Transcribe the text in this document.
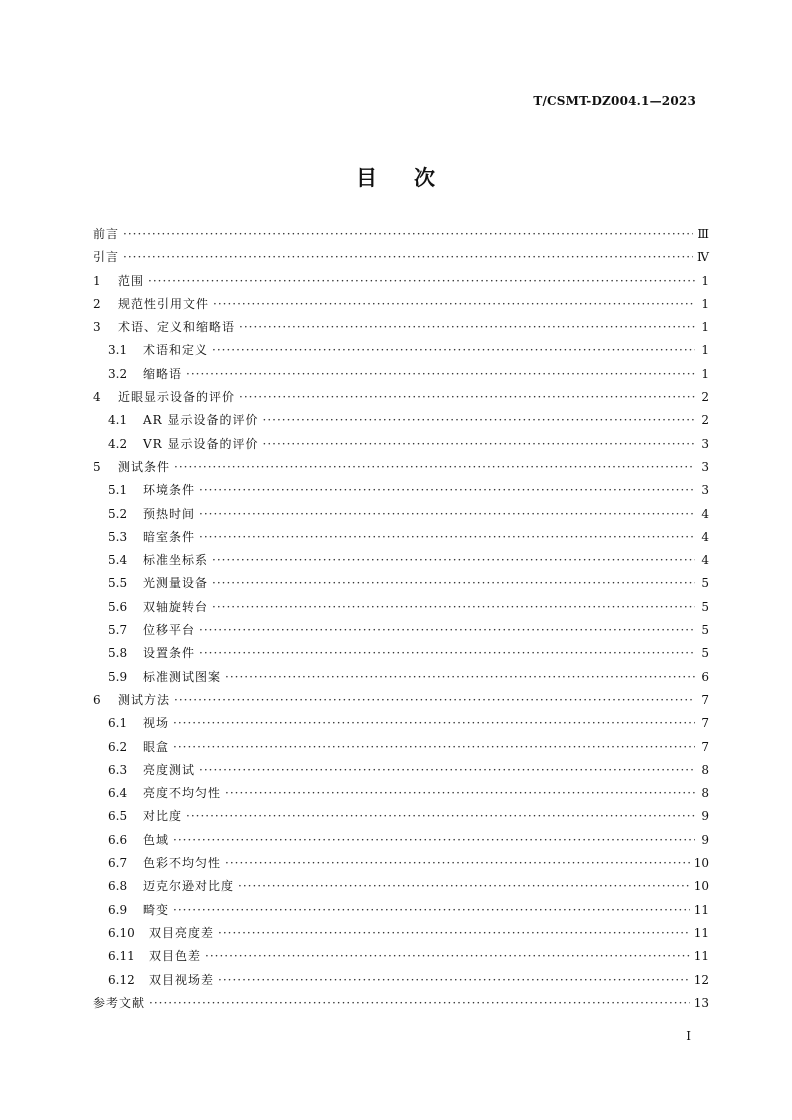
T/CSMT-DZ004.1—2023
目 次
前言 ·····	Ⅲ
引言 ·····	Ⅳ
1	范围 ·····	1
2	规范性引用文件 ·····	1
3	术语、定义和缩略语 ·····	1
3.1	术语和定义 ·····	1
3.2	缩略语 ·····	1
4	近眼显示设备的评价 ·····	2
4.1	AR 显示设备的评价 ·····	2
4.2	VR 显示设备的评价 ·····	3
5	测试条件 ·····	3
5.1	环境条件 ·····	3
5.2	预热时间 ·····	4
5.3	暗室条件 ·····	4
5.4	标准坐标系 ·····	4
5.5	光测量设备 ·····	5
5.6	双轴旋转台 ·····	5
5.7	位移平台 ·····	5
5.8	设置条件 ·····	5
5.9	标准测试图案 ·····	6
6	测试方法 ·····	7
6.1	视场 ·····	7
6.2	眼盒 ·····	7
6.3	亮度测试 ·····	8
6.4	亮度不均匀性 ·····	8
6.5	对比度 ·····	9
6.6	色域 ·····	9
6.7	色彩不均匀性 ·····	10
6.8	迈克尔逊对比度 ·····	10
6.9	畸变 ·····	11
6.10	双目亮度差 ·····	11
6.11	双目色差 ·····	11
6.12	双目视场差 ·····	12
参考文献 ·····	13
I
